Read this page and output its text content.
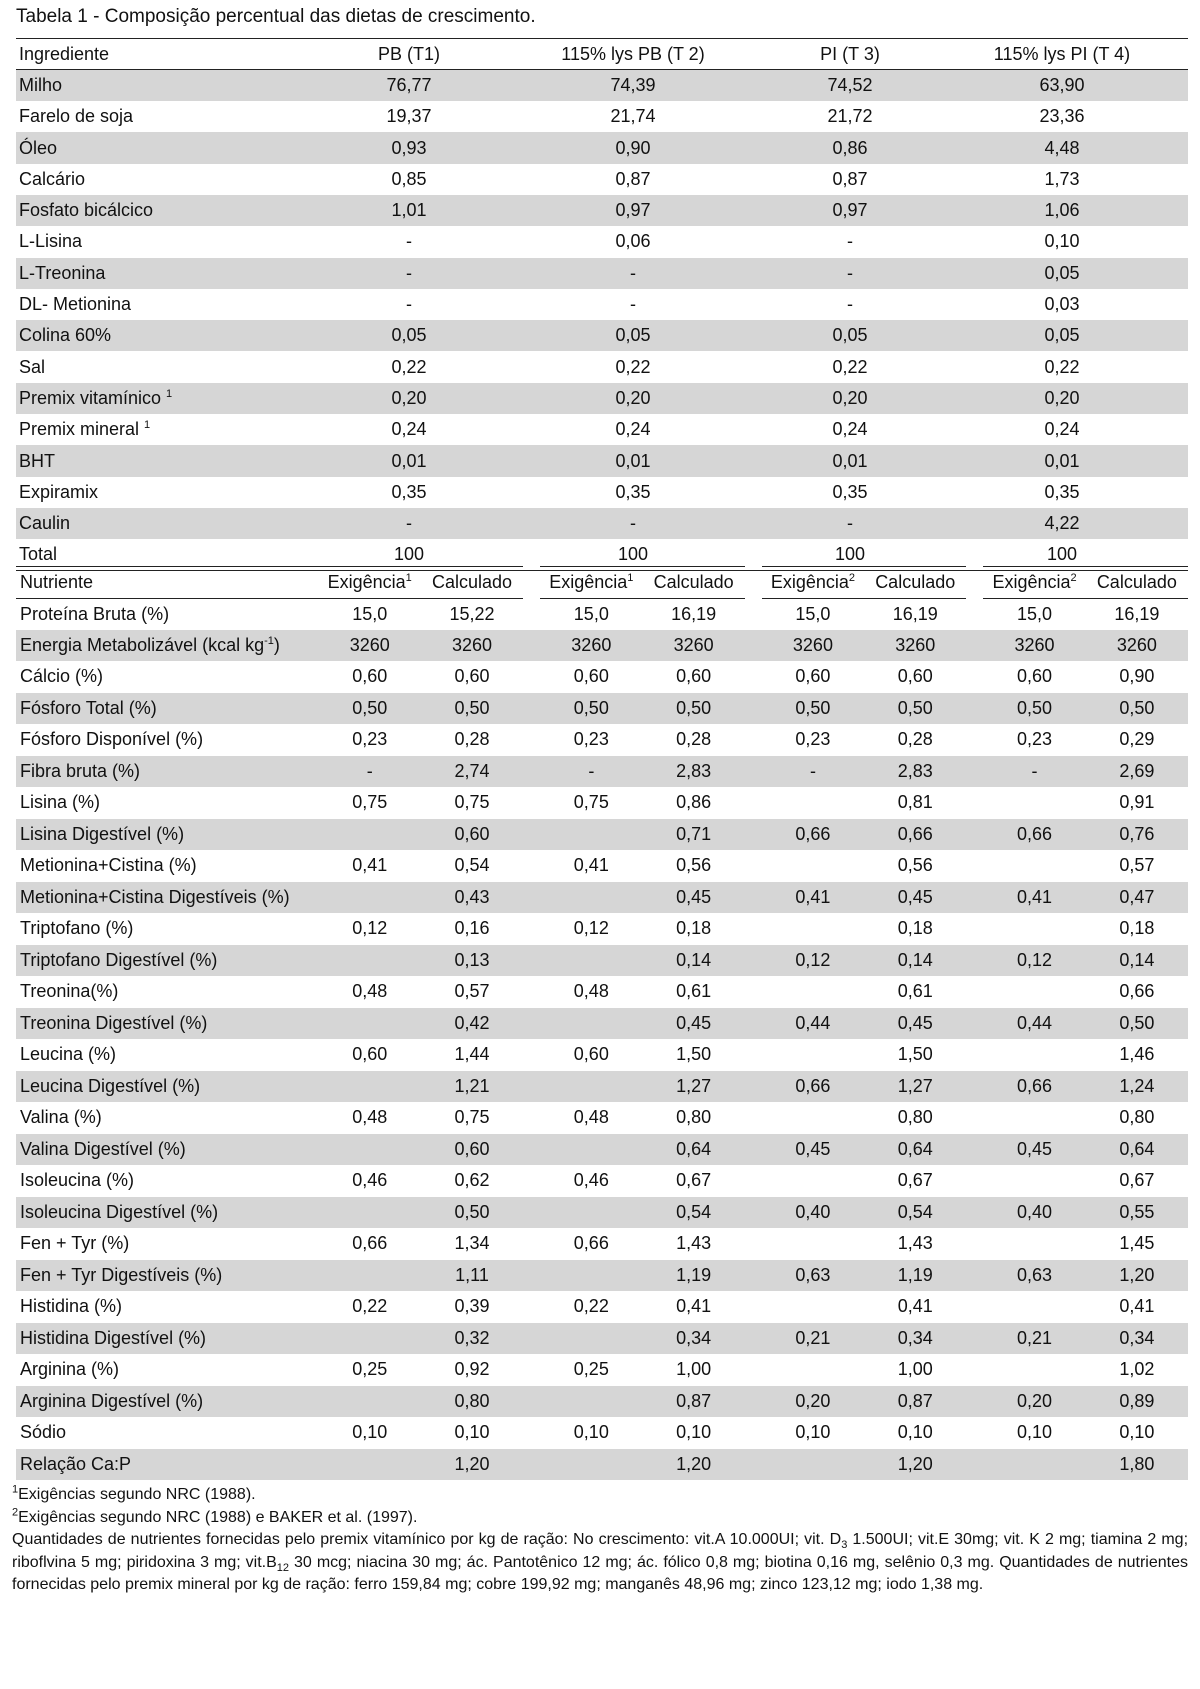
Tabela 1 - Composição percentual das dietas de crescimento.
Ingrediente	PB (T1)	115% lys PB (T 2)	PI (T 3)	115% lys PI (T 4)
Milho	76,77	74,39	74,52	63,90
Farelo de soja	19,37	21,74	21,72	23,36
Óleo	0,93	0,90	0,86	4,48
Calcário	0,85	0,87	0,87	1,73
Fosfato bicálcico	1,01	0,97	0,97	1,06
L-Lisina	-	0,06	-	0,10
L-Treonina	-	-	-	0,05
DL- Metionina	-	-	-	0,03
Colina 60%	0,05	0,05	0,05	0,05
Sal	0,22	0,22	0,22	0,22
Premix vitamínico $^1$	0,20	0,20	0,20	0,20
Premix mineral $^1$	0,24	0,24	0,24	0,24
BHT	0,01	0,01	0,01	0,01
Expiramix	0,35	0,35	0,35	0,35
Caulin	-	-	-	4,22
Total	100	100	100	100
Nutriente	Exigência$^1$	Calculado		Exigência$^1$	Calculado		Exigência$^2$	Calculado		Exigência$^2$	Calculado
Proteína Bruta (%)	15,0	15,22		15,0	16,19		15,0	16,19		15,0	16,19
Energia Metabolizável (kcal $kg^{-1}$)	3260	3260		3260	3260		3260	3260		3260	3260
Cálcio (%)	0,60	0,60		0,60	0,60		0,60	0,60		0,60	0,90
Fósforo Total (%)	0,50	0,50		0,50	0,50		0,50	0,50		0,50	0,50
Fósforo Disponível (%)	0,23	0,28		0,23	0,28		0,23	0,28		0,23	0,29
Fibra bruta (%)	-	2,74		-	2,83		-	2,83		-	2,69
Lisina (%)	0,75	0,75		0,75	0,86			0,81			0,91
Lisina Digestível (%)		0,60			0,71		0,66	0,66		0,66	0,76
Metionina+Cistina (%)	0,41	0,54		0,41	0,56			0,56			0,57
Metionina+Cistina Digestíveis (%)		0,43			0,45		0,41	0,45		0,41	0,47
Triptofano (%)	0,12	0,16		0,12	0,18			0,18			0,18
Triptofano Digestível (%)		0,13			0,14		0,12	0,14		0,12	0,14
Treonina(%)	0,48	0,57		0,48	0,61			0,61			0,66
Treonina Digestível (%)		0,42			0,45		0,44	0,45		0,44	0,50
Leucina (%)	0,60	1,44		0,60	1,50			1,50			1,46
Leucina Digestível (%)		1,21			1,27		0,66	1,27		0,66	1,24
Valina (%)	0,48	0,75		0,48	0,80			0,80			0,80
Valina Digestível (%)		0,60			0,64		0,45	0,64		0,45	0,64
Isoleucina (%)	0,46	0,62		0,46	0,67			0,67			0,67
Isoleucina Digestível (%)		0,50			0,54		0,40	0,54		0,40	0,55
Fen + Tyr (%)	0,66	1,34		0,66	1,43			1,43			1,45
Fen + Tyr Digestíveis (%)		1,11			1,19		0,63	1,19		0,63	1,20
Histidina (%)	0,22	0,39		0,22	0,41			0,41			0,41
Histidina Digestível (%)		0,32			0,34		0,21	0,34		0,21	0,34
Arginina (%)	0,25	0,92		0,25	1,00			1,00			1,02
Arginina Digestível (%)		0,80			0,87		0,20	0,87		0,20	0,89
Sódio	0,10	0,10		0,10	0,10		0,10	0,10		0,10	0,10
Relação Ca:P		1,20			1,20			1,20			1,80

$^1$Exigências segundo NRC (1988).

$^2$Exigências segundo NRC (1988) e BAKER et al. (1997).

Quantidades de nutrientes fornecidas pelo premix vitamínico por kg de ração: No crescimento: vit.A 10.000UI; vit. $D_3$ 1.500UI; vit.E 30mg; vit. K 2 mg; tiamina 2 mg; riboflvina 5 mg; piridoxina 3 mg; $vit.B_{12}$ 30 mcg; niacina 30 mg; ác. Pantotênico 12 mg; ác. fólico 0,8 mg; biotina 0,16 mg, selênio 0,3 mg. Quantidades de nutrientes fornecidas pelo premix mineral por kg de ração: ferro 159,84 mg; cobre 199,92 mg; manganês 48,96 mg; zinco 123,12 mg; iodo 1,38 mg.
